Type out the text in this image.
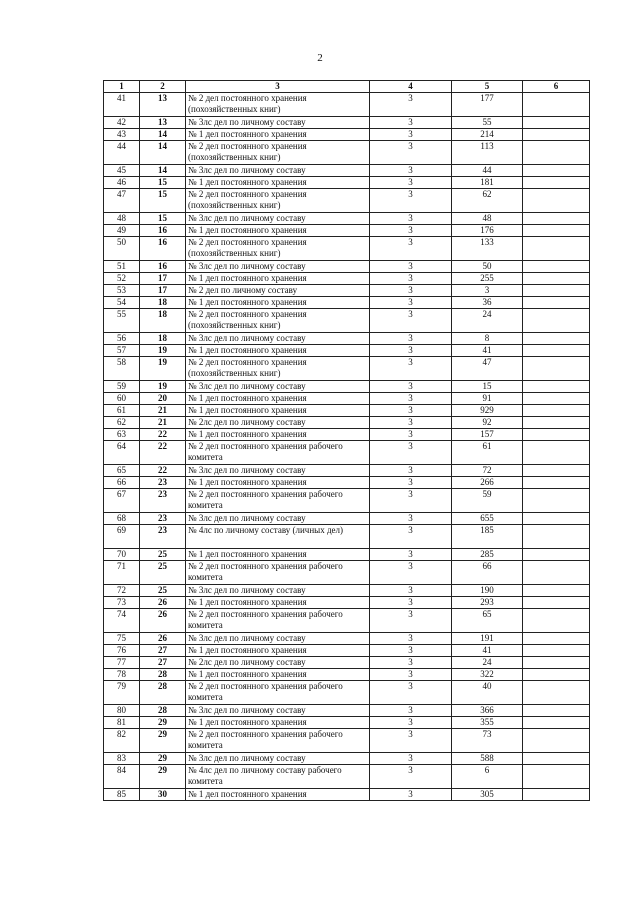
2
1	2	3	4	5	6
41	13	№ 2 дел постоянного хранения (похозяйственных книг)	3	177	
42	13	№ 3лс дел по личному составу	3	55	
43	14	№ 1 дел постоянного хранения	3	214	
44	14	№ 2 дел постоянного хранения (похозяйственных книг)	3	113	
45	14	№ 3лс дел по личному составу	3	44	
46	15	№ 1 дел постоянного хранения	3	181	
47	15	№ 2 дел постоянного хранения (похозяйственных книг)	3	62	
48	15	№ 3лс дел по личному составу	3	48	
49	16	№ 1 дел постоянного хранения	3	176	
50	16	№ 2 дел постоянного хранения (похозяйственных книг)	3	133	
51	16	№ 3лс дел по личному составу	3	50	
52	17	№ 1 дел постоянного хранения	3	255	
53	17	№ 2 дел по личному составу	3	3	
54	18	№ 1 дел постоянного хранения	3	36	
55	18	№ 2 дел постоянного хранения (похозяйственных книг)	3	24	
56	18	№ 3лс дел по личному составу	3	8	
57	19	№ 1 дел постоянного хранения	3	41	
58	19	№ 2 дел постоянного хранения (похозяйственных книг)	3	47	
59	19	№ 3лс дел по личному составу	3	15	
60	20	№ 1 дел постоянного хранения	3	91	
61	21	№ 1 дел постоянного хранения	3	929	
62	21	№ 2лс дел по личному составу	3	92	
63	22	№ 1 дел постоянного хранения	3	157	
64	22	№ 2 дел постоянного хранения рабочего комитета	3	61	
65	22	№ 3лс дел по личному составу	3	72	
66	23	№ 1 дел постоянного хранения	3	266	
67	23	№ 2 дел постоянного хранения рабочего комитета	3	59	
68	23	№ 3лс дел по личному составу	3	655	
69	23	№ 4лс по личному составу (личных дел)	3	185	
70	25	№ 1 дел постоянного хранения	3	285	
71	25	№ 2 дел постоянного хранения рабочего комитета	3	66	
72	25	№ 3лс дел по личному составу	3	190	
73	26	№ 1 дел постоянного хранения	3	293	
74	26	№ 2 дел постоянного хранения рабочего комитета	3	65	
75	26	№ 3лс дел по личному составу	3	191	
76	27	№ 1 дел постоянного хранения	3	41	
77	27	№ 2лс дел по личному составу	3	24	
78	28	№ 1 дел постоянного хранения	3	322	
79	28	№ 2 дел постоянного хранения рабочего комитета	3	40	
80	28	№ 3лс дел по личному составу	3	366	
81	29	№ 1 дел постоянного хранения	3	355	
82	29	№ 2 дел постоянного хранения рабочего комитета	3	73	
83	29	№ 3лс дел по личному составу	3	588	
84	29	№ 4лс дел по личному составу рабочего комитета	3	6	
85	30	№ 1 дел постоянного хранения	3	305	
